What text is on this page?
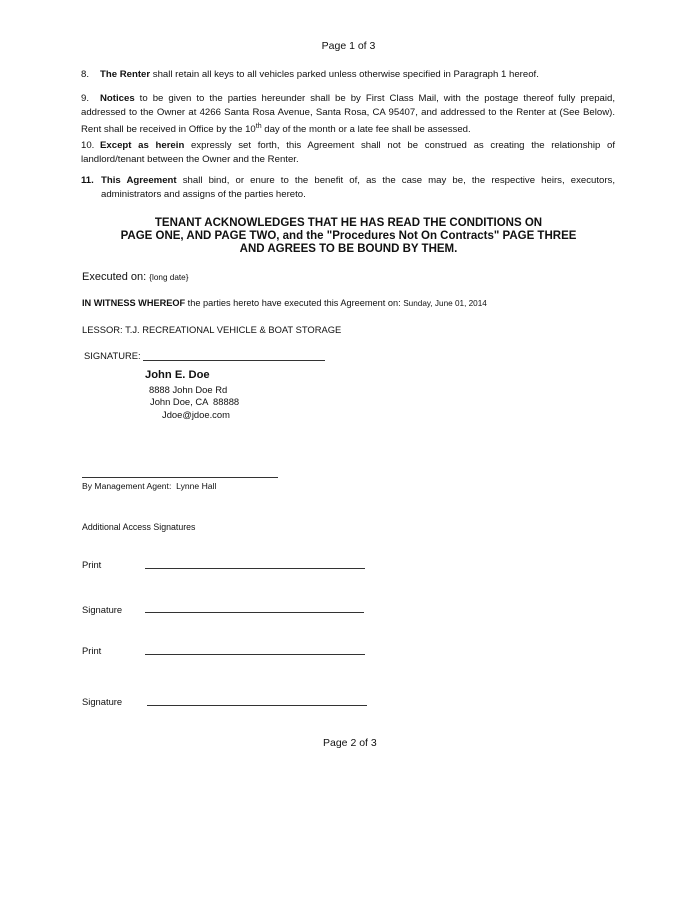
Page 1 of 3
8. The Renter shall retain all keys to all vehicles parked unless otherwise specified in Paragraph 1 hereof.
9. Notices to be given to the parties hereunder shall be by First Class Mail, with the postage thereof fully prepaid, addressed to the Owner at 4266 Santa Rosa Avenue, Santa Rosa, CA 95407, and addressed to the Renter at (See Below). Rent shall be received in Office by the 10th day of the month or a late fee shall be assessed.
10. Except as herein expressly set forth, this Agreement shall not be construed as creating the relationship of landlord/tenant between the Owner and the Renter.
11. This Agreement shall bind, or enure to the benefit of, as the case may be, the respective heirs, executors, administrators and assigns of the parties hereto.
TENANT ACKNOWLEDGES THAT HE HAS READ THE CONDITIONS ON
PAGE ONE, AND PAGE TWO, and the "Procedures Not On Contracts" PAGE THREE
AND AGREES TO BE BOUND BY THEM.
Executed on: {long date}
IN WITNESS WHEREOF the parties hereto have executed this Agreement on: Sunday, June 01, 2014
LESSOR: T.J. RECREATIONAL VEHICLE & BOAT STORAGE
SIGNATURE:
John E. Doe
8888 John Doe Rd
John Doe, CA  88888
Jdoe@jdoe.com
By Management Agent:  Lynne Hall
Additional Access Signatures
Print
Signature
Print
Signature
Page 2 of 3
